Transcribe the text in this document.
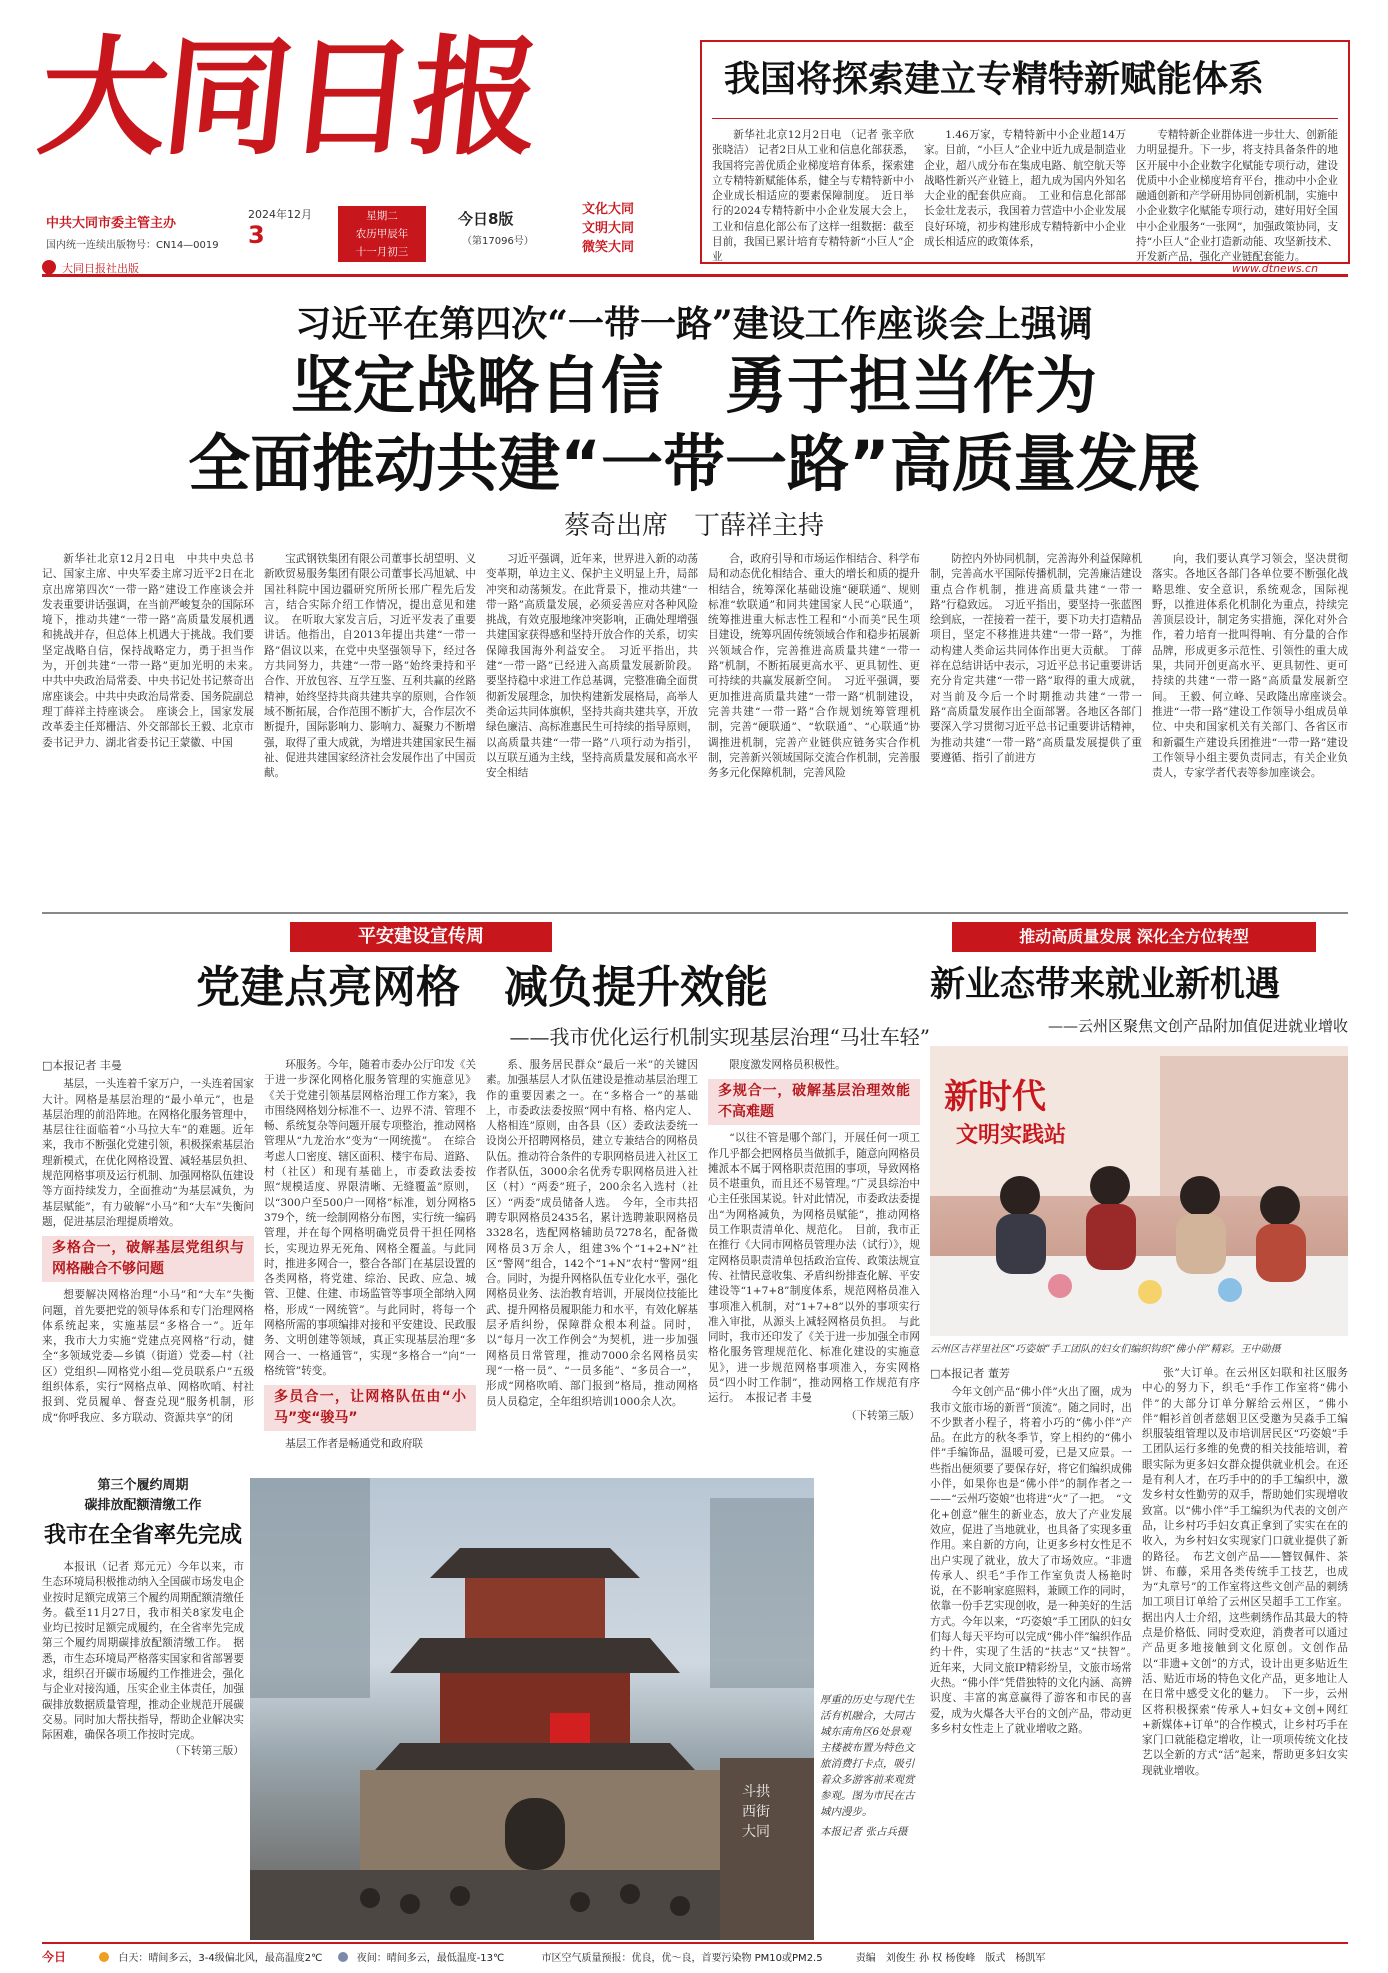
大同日报
中共大同市委主管主办
国内统一连续出版物号：CN14—0019
2024年12月
3
星期二
农历甲辰年
十一月初三
今日8版
（第17096号）
文化大同
文明大同
微笑大同
大同日报社出版	www.dtnews.cn
我国将探索建立专精特新赋能体系

新华社北京12月2日电 （记者 张辛欣 张晓洁） 记者2日从工业和信息化部获悉，我国将完善优质企业梯度培育体系，探索建立专精特新赋能体系，健全与专精特新中小企业成长相适应的要素保障制度。　近日举行的2024专精特新中小企业发展大会上，工业和信息化部公布了这样一组数据：截至目前，我国已累计培育专精特新“小巨人”企业

1.46万家，专精特新中小企业超14万家。目前，“小巨人”企业中近九成是制造业企业，超八成分布在集成电路、航空航天等战略性新兴产业链上，超九成为国内外知名大企业的配套供应商。　工业和信息化部部长金壮龙表示，我国着力营造中小企业发展良好环境，初步构建形成专精特新中小企业成长相适应的政策体系，

专精特新企业群体进一步壮大、创新能力明显提升。下一步，将支持具备条件的地区开展中小企业数字化赋能专项行动，建设优质中小企业梯度培育平台，推动中小企业融通创新和产学研用协同创新机制，实施中小企业数字化赋能专项行动，建好用好全国中小企业服务“一张网”，加强政策协同，支持“小巨人”企业打造新动能、攻坚新技术、开发新产品，强化产业链配套能力。

习近平在第四次“一带一路”建设工作座谈会上强调
坚定战略自信　勇于担当作为
全面推动共建“一带一路”高质量发展
蔡奇出席　丁薛祥主持

新华社北京12月2日电　中共中央总书记、国家主席、中央军委主席习近平2日在北京出席第四次“一带一路”建设工作座谈会并发表重要讲话强调，在当前严峻复杂的国际环境下，推动共建“一带一路”高质量发展机遇和挑战并存，但总体上机遇大于挑战。我们要坚定战略自信，保持战略定力，勇于担当作为，开创共建“一带一路”更加光明的未来。　中共中央政治局常委、中央书记处书记蔡奇出席座谈会。中共中央政治局常委、国务院副总理丁薛祥主持座谈会。　座谈会上，国家发展改革委主任郑栅洁、外交部部长王毅、北京市委书记尹力、湖北省委书记王蒙徽、中国

宝武钢铁集团有限公司董事长胡望明、义新欧贸易服务集团有限公司董事长冯旭斌、中国社科院中国边疆研究所所长邢广程先后发言，结合实际介绍工作情况，提出意见和建议。　在听取大家发言后，习近平发表了重要讲话。他指出，自2013年提出共建“一带一路”倡议以来，在党中央坚强领导下，经过各方共同努力，共建“一带一路”始终秉持和平合作、开放包容、互学互鉴、互利共赢的丝路精神，始终坚持共商共建共享的原则，合作领域不断拓展，合作范围不断扩大，合作层次不断提升，国际影响力、影响力、凝聚力不断增强，取得了重大成就，为增进共建国家民生福祉、促进共建国家经济社会发展作出了中国贡献。

习近平强调，近年来，世界进入新的动荡变革期，单边主义、保护主义明显上升，局部冲突和动荡频发。在此背景下，推动共建“一带一路”高质量发展，必须妥善应对各种风险挑战，有效克服地缘冲突影响，正确处理增强共建国家获得感和坚持开放合作的关系，切实保障我国海外利益安全。　习近平指出，共建“一带一路”已经进入高质量发展新阶段。要坚持稳中求进工作总基调，完整准确全面贯彻新发展理念，加快构建新发展格局，高举人类命运共同体旗帜，坚持共商共建共享，开放绿色廉洁、高标准惠民生可持续的指导原则，以高质量共建“一带一路”八项行动为指引，以互联互通为主线，坚持高质量发展和高水平安全相结

合，政府引导和市场运作相结合、科学布局和动态优化相结合、重大的增长和质的提升相结合，统筹深化基础设施“硬联通”、规则标准“软联通”和同共建国家人民“心联通”，统筹推进重大标志性工程和“小而美”民生项目建设，统筹巩固传统领域合作和稳步拓展新兴领域合作，完善推进高质量共建“一带一路”机制，不断拓展更高水平、更具韧性、更可持续的共赢发展新空间。　习近平强调，要更加推进高质量共建“一带一路”机制建设，完善共建“一带一路”合作规划统筹管理机制，完善“硬联通”、“软联通”、“心联通”协调推进机制，完善产业链供应链务实合作机制，完善新兴领域国际交流合作机制，完善服务多元化保障机制，完善风险

防控内外协同机制，完善海外利益保障机制，完善高水平国际传播机制，完善廉洁建设重点合作机制，推进高质量共建“一带一路”行稳致远。　习近平指出，要坚持一张蓝图绘到底，一茬接着一茬干，要下功夫打造精品项目，坚定不移推进共建“一带一路”，为推动构建人类命运共同体作出更大贡献。　丁薛祥在总结讲话中表示，习近平总书记重要讲话充分肯定共建“一带一路”取得的重大成就，对当前及今后一个时期推动共建“一带一路”高质量发展作出全面部署。各地区各部门要深入学习贯彻习近平总书记重要讲话精神，为推动共建“一带一路”高质量发展提供了重要遵循、指引了前进方

向，我们要认真学习领会，坚决贯彻落实。各地区各部门各单位要不断强化战略思维、安全意识，系统观念，国际视野，以推进体系化机制化为重点，持续完善顶层设计，制定务实措施，深化对外合作，着力培育一批叫得响、有分量的合作品牌，形成更多示范性、引领性的重大成果，共同开创更高水平、更具韧性、更可持续的共建“一带一路”高质量发展新空间。　王毅、何立峰、吴政隆出席座谈会。　推进“一带一路”建设工作领导小组成员单位、中央和国家机关有关部门、各省区市和新疆生产建设兵团推进“一带一路”建设工作领导小组主要负责同志，有关企业负责人，专家学者代表等参加座谈会。

平安建设宣传周
党建点亮网格　减负提升效能
——我市优化运行机制实现基层治理“马壮车轻”
□本报记者 丰曼

基层，一头连着千家万户，一头连着国家大计。网格是基层治理的“最小单元”，也是基层治理的前沿阵地。在网格化服务管理中，基层往往面临着“小马拉大车”的难题。近年来，我市不断强化党建引领，积极探索基层治理新模式，在优化网格设置、减轻基层负担、规范网格事项及运行机制、加强网格队伍建设等方面持续发力，全面推动“为基层减负，为基层赋能”，有力破解“小马”和“大车”失衡问题，促进基层治理提质增效。

多格合一，破解基层党组织与网格融合不够问题

想要解决网格治理“小马”和“大车”失衡问题，首先要把党的领导体系和专门治理网格体系统起来，实施基层“多格合一”。近年来，我市大力实施“党建点亮网格”行动，健全“多领域党委—乡镇（街道）党委—村（社区）党组织—网格党小组—党员联系户”五级组织体系，实行“网格点单、网格吹哨、村社报到、党员履单、督查兑现”服务机制，形成“你呼我应、多方联动、资源共享”的闭

环服务。今年，随着市委办公厅印发《关于进一步深化网格化服务管理的实施意见》《关于党建引领基层网格治理工作方案》，我市围绕网格划分标准不一、边界不清、管理不畅、系统复杂等问题开展专项整治，推动网格管理从“九龙治水”变为“一网统揽”。　在综合考虑人口密度、辖区面积、楼宇布局、道路、村（社区）和现有基础上，市委政法委按照“规模适度、界限清晰、无缝覆盖”原则，以“300户至500户一网格”标准，划分网格5379个，统一绘制网格分布图，实行统一编码管理，并在每个网格明确党员骨干担任网格长，实现边界无死角、网格全覆盖。与此同时，推进多网合一，整合各部门在基层设置的各类网格，将党建、综治、民政、应急、城管、卫健、住建、市场监管等事项全部纳入网格，形成“一网统管”。与此同时，将每一个网格所需的事项编排对接和平安建设、民政服务、文明创建等领域，真正实现基层治理“多网合一、一格通管”，实现“多格合一”向“一格统管”转变。

多员合一，让网格队伍由“小马”变“骏马”

基层工作者是畅通党和政府联

系、服务居民群众“最后一米”的关键因素。加强基层人才队伍建设是推动基层治理工作的重要因素之一。在“多格合一”的基础上，市委政法委按照“网中有格、格内定人、人格相连”原则，由各县（区）委政法委统一设岗公开招聘网格员，建立专兼结合的网格员队伍。推动符合条件的专职网格员进入社区工作者队伍，3000余名优秀专职网格员进入社区（村）“两委”班子，200余名入选村（社区）“两委”成员储备人选。　今年，全市共招聘专职网格员2435名，累计选聘兼职网格员3328名，选配网格辅助员7278名，配备微网格员3万余人，组建3%个“1+2+N”社区“警网”组合，142个“1+N”农村“警网”组合。同时，为提升网格队伍专业化水平，强化网格员业务、法治教育培训，开展岗位技能比武、提升网格员履职能力和水平，有效化解基层矛盾纠纷，保障群众根本利益。同时，以“每月一次工作例会”为契机，进一步加强网格员日常管理，推动7000余名网格员实现“一格一员”、“一员多能”、“多员合一”，形成“网格吹哨、部门报到”格局，推动网格员人员稳定，全年组织培训1000余人次。

限度激发网格员积极性。

多规合一，破解基层治理效能不高难题

“以往不管是哪个部门，开展任何一项工作几乎都会把网格员当做抓手，随意向网格员摊派本不属于网格职责范围的事项，导致网格员不堪重负，而且还不易管理。”广灵县综治中心主任张国某说。针对此情况，市委政法委提出“为网格减负，为网格员赋能”，推动网格员工作职责清单化、规范化。　目前，我市正在推行《大同市网格员管理办法（试行）》，规定网格员职责清单包括政治宣传、政策法规宣传、社情民意收集、矛盾纠纷排查化解、平安建设等“1+7+8”制度体系，规范网格员准入事项准入机制，对“1+7+8”以外的事项实行准入审批，从源头上减轻网格员负担。　与此同时，我市还印发了《关于进一步加强全市网格化服务管理规范化、标准化建设的实施意见》，进一步规范网格事项准入，夯实网格员“四小时工作制”，推动网格工作规范有序运行。　本报记者 丰曼

（下转第三版）
第三个履约周期
碳排放配额清缴工作
我市在全省率先完成

本报讯（记者 郑元元）今年以来，市生态环境局积极推动纳入全国碳市场发电企业按时足额完成第三个履约周期配额清缴任务。截至11月27日，我市相关8家发电企业均已按时足额完成履约，在全省率先完成第三个履约周期碳排放配额清缴工作。　据悉，市生态环境局严格落实国家和省部署要求，组织召开碳市场履约工作推进会，强化与企业对接沟通，压实企业主体责任，加强碳排放数据质量管理，推动企业规范开展碳交易。同时加大帮扶指导，帮助企业解决实际困难，确保各项工作按时完成。

（下转第三版）
斗拱
西街
大同

厚重的历史与现代生活有机融合，大同古城东南角区6处景观主楼被布置为特色文旅消费打卡点，吸引着众多游客前来观赏参观。图为市民在古城内漫步。

本报记者 张占兵摄
推动高质量发展 深化全方位转型
新业态带来就业新机遇
——云州区聚焦文创产品附加值促进就业增收
新时代
文明实践站
云州区吉祥里社区“巧姿娘”手工团队的妇女们编织钩织“佛小伴”精彩。王中勋摄
□本报记者 董芳

今年文创产品“佛小伴”火出了圈，成为我市文旅市场的新晋“顶流”。随之同时，出不少默者小程子，将着小巧的“佛小伴”产品。在此方的秋冬季节，穿上相约的“佛小伴”手编饰品，温暖可爱，已是又应景。一些指出便须要了要保存好，将它们编织成佛小伴，如果你也是“佛小伴”的制作者之一——“云州巧姿娘”也将进“火”了一把。　“文化+创意”催生的新业态，放大了产业发展效应，促进了当地就业，也具备了实现多重作用。来自新的方向，让更多乡村女性足不出户实现了就业，放大了市场效应。“非遗传承人、织毛”手作工作室负责人杨艳时说，在不影响家庭照料，兼顾工作的同时，依靠一份手艺实现创收，是一种美好的生活方式。今年以来，“巧姿娘”手工团队的妇女们每人每天平均可以完成“佛小伴”编织作品约十件，实现了生活的“扶志”又“扶智”。　近年来，大同文旅IP精彩纷呈，文旅市场常火热。“佛小伴”凭借独特的文化内涵、高辨识度、丰富的寓意赢得了游客和市民的喜爱，成为火爆各大平台的文创产品，带动更多乡村女性走上了就业增收之路。

张”大订单。在云州区妇联和社区服务中心的努力下，织毛“手作工作室将“佛小伴”的大部分订单分解给云州区，“佛小伴”帽衫首创者慈姻卫区受邀为吴淼手工编织服装组管理以及市培训居民区“巧姿娘”手工团队运行多维的免费的相关技能培训，着眼实际为更多妇女群众提供就业机会。在还是有利人才，在巧手中的的手工编织中，激发乡村女性勤劳的双手，帮助她们实现增收致富。以“佛小伴”手工编织为代表的文创产品，让乡村巧手妇女真正拿到了实实在在的收入，为乡村妇女实现家门口就业提供了新的路径。　布艺文创产品——簪钗佩件、茶饼、布藤，采用各类传统手工技艺，也成为“丸章号”的工作室将这些文创产品的刺绣加工项目订单给了云州区吴超手工工作室。据出内人士介绍，这些刺绣作品其最大的特点是价格低、同时受欢迎，消费者可以通过产品更多地接触到文化原创。文创作品以“非遗+文创”的方式，设计出更多贴近生活、贴近市场的特色文化产品，更多地让人在日常中感受文化的魅力。　下一步，云州区将积极探索“传承人+妇女+文创+网红+新媒体+订单”的合作模式，让乡村巧手在家门口就能稳定增收，让一项项传统文化技艺以全新的方式“活”起来，帮助更多妇女实现就业增收。

今日	白天：晴间多云，3-4级偏北风，最高温度2℃	夜间：晴间多云，最低温度-13℃	市区空气质量预报：优良，优～良，首要污染物 PM10或PM2.5	责编　刘俊生 孙 权 杨俊峰　版式　杨凯军
